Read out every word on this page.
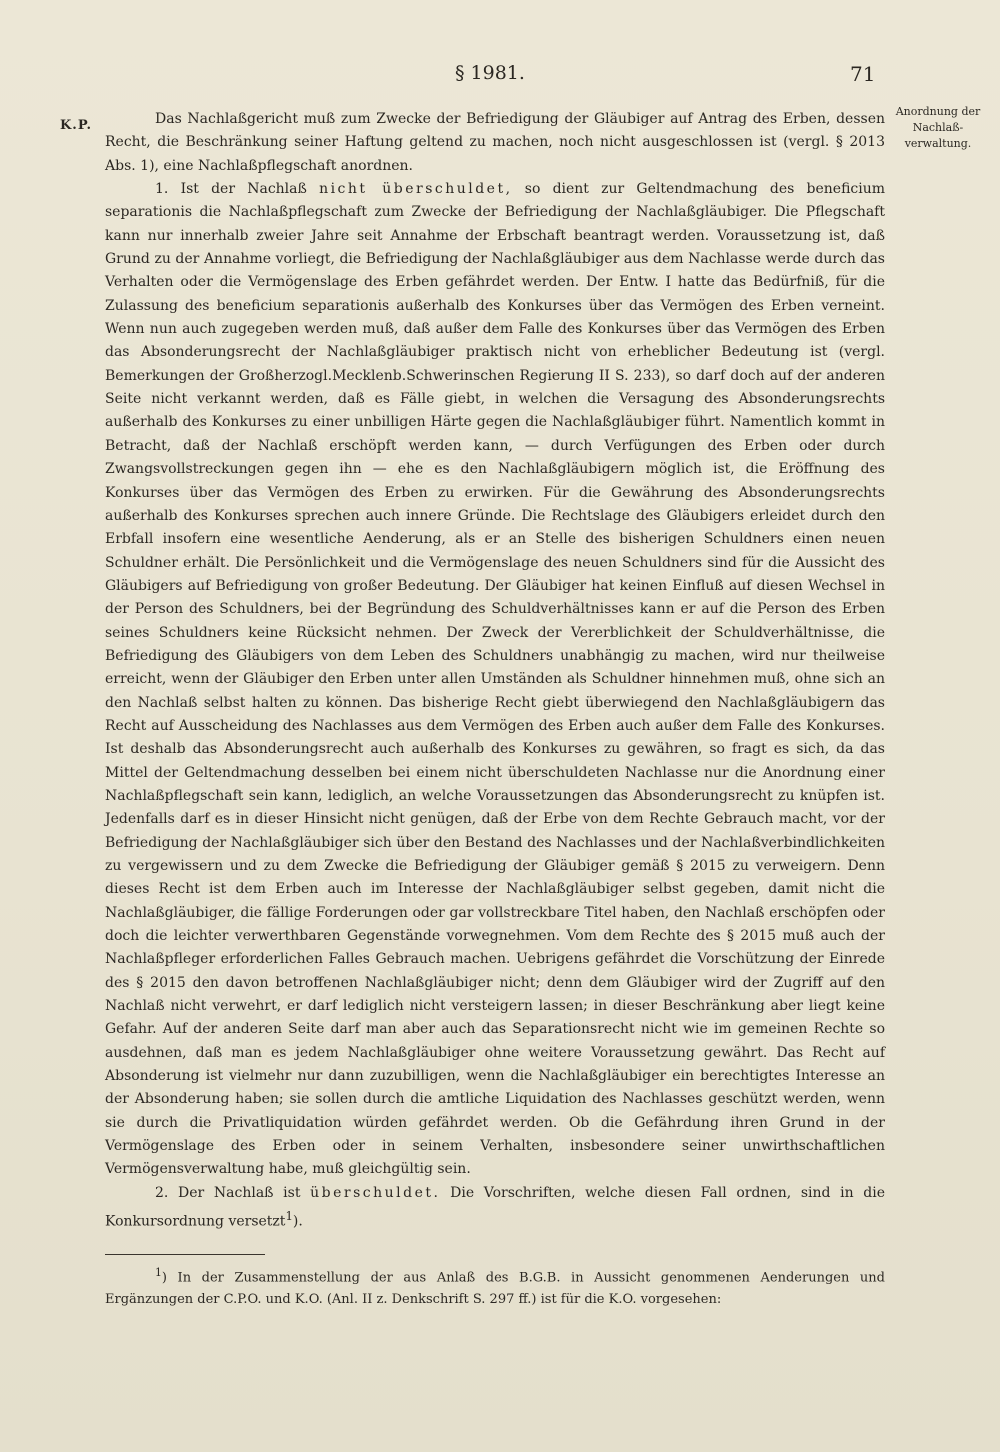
§ 1981.	71
K.P.
Anordnung der Nachlaß- verwaltung.

Das Nachlaßgericht muß zum Zwecke der Befriedigung der Gläubiger auf Antrag des Erben, dessen Recht, die Beschränkung seiner Haftung geltend zu machen, noch nicht ausgeschlossen ist (vergl. § 2013 Abs. 1), eine Nachlaßpflegschaft anordnen.

1. Ist der Nachlaß nicht überschuldet, so dient zur Geltendmachung des beneficium separationis die Nachlaßpflegschaft zum Zwecke der Befriedigung der Nachlaßgläubiger. Die Pflegschaft kann nur innerhalb zweier Jahre seit Annahme der Erbschaft beantragt werden. Voraussetzung ist, daß Grund zu der Annahme vorliegt, die Befriedigung der Nachlaßgläubiger aus dem Nachlasse werde durch das Verhalten oder die Vermögenslage des Erben gefährdet werden. Der Entw. I hatte das Bedürfniß, für die Zulassung des beneficium separationis außerhalb des Konkurses über das Vermögen des Erben verneint. Wenn nun auch zugegeben werden muß, daß außer dem Falle des Konkurses über das Vermögen des Erben das Absonderungsrecht der Nachlaßgläubiger praktisch nicht von erheblicher Bedeutung ist (vergl. Bemerkungen der Großherzogl.Mecklenb.Schwerinschen Regierung II S. 233), so darf doch auf der anderen Seite nicht verkannt werden, daß es Fälle giebt, in welchen die Versagung des Absonderungsrechts außerhalb des Konkurses zu einer unbilligen Härte gegen die Nachlaßgläubiger führt. Namentlich kommt in Betracht, daß der Nachlaß erschöpft werden kann, — durch Verfügungen des Erben oder durch Zwangsvollstreckungen gegen ihn — ehe es den Nachlaßgläubigern möglich ist, die Eröffnung des Konkurses über das Vermögen des Erben zu erwirken. Für die Gewährung des Absonderungsrechts außerhalb des Konkurses sprechen auch innere Gründe. Die Rechtslage des Gläubigers erleidet durch den Erbfall insofern eine wesentliche Aenderung, als er an Stelle des bisherigen Schuldners einen neuen Schuldner erhält. Die Persönlichkeit und die Vermögenslage des neuen Schuldners sind für die Aussicht des Gläubigers auf Befriedigung von großer Bedeutung. Der Gläubiger hat keinen Einfluß auf diesen Wechsel in der Person des Schuldners, bei der Begründung des Schuldverhältnisses kann er auf die Person des Erben seines Schuldners keine Rücksicht nehmen. Der Zweck der Vererblichkeit der Schuldverhältnisse, die Befriedigung des Gläubigers von dem Leben des Schuldners unabhängig zu machen, wird nur theilweise erreicht, wenn der Gläubiger den Erben unter allen Umständen als Schuldner hinnehmen muß, ohne sich an den Nachlaß selbst halten zu können. Das bisherige Recht giebt überwiegend den Nachlaßgläubigern das Recht auf Ausscheidung des Nachlasses aus dem Vermögen des Erben auch außer dem Falle des Konkurses. Ist deshalb das Absonderungsrecht auch außerhalb des Konkurses zu gewähren, so fragt es sich, da das Mittel der Geltendmachung desselben bei einem nicht überschuldeten Nachlasse nur die Anordnung einer Nachlaßpflegschaft sein kann, lediglich, an welche Voraussetzungen das Absonderungsrecht zu knüpfen ist. Jedenfalls darf es in dieser Hinsicht nicht genügen, daß der Erbe von dem Rechte Gebrauch macht, vor der Befriedigung der Nachlaßgläubiger sich über den Bestand des Nachlasses und der Nachlaßverbindlichkeiten zu vergewissern und zu dem Zwecke die Befriedigung der Gläubiger gemäß § 2015 zu verweigern. Denn dieses Recht ist dem Erben auch im Interesse der Nachlaßgläubiger selbst gegeben, damit nicht die Nachlaßgläubiger, die fällige Forderungen oder gar vollstreckbare Titel haben, den Nachlaß erschöpfen oder doch die leichter verwerthbaren Gegenstände vorwegnehmen. Vom dem Rechte des § 2015 muß auch der Nachlaßpfleger erforderlichen Falles Gebrauch machen. Uebrigens gefährdet die Vorschützung der Einrede des § 2015 den davon betroffenen Nachlaßgläubiger nicht; denn dem Gläubiger wird der Zugriff auf den Nachlaß nicht verwehrt, er darf lediglich nicht versteigern lassen; in dieser Beschränkung aber liegt keine Gefahr. Auf der anderen Seite darf man aber auch das Separationsrecht nicht wie im gemeinen Rechte so ausdehnen, daß man es jedem Nachlaßgläubiger ohne weitere Voraussetzung gewährt. Das Recht auf Absonderung ist vielmehr nur dann zuzubilligen, wenn die Nachlaßgläubiger ein berechtigtes Interesse an der Absonderung haben; sie sollen durch die amtliche Liquidation des Nachlasses geschützt werden, wenn sie durch die Privatliquidation würden gefährdet werden. Ob die Gefährdung ihren Grund in der Vermögenslage des Erben oder in seinem Verhalten, insbesondere seiner unwirthschaftlichen Vermögensverwaltung habe, muß gleichgültig sein.

2. Der Nachlaß ist überschuldet. Die Vorschriften, welche diesen Fall ordnen, sind in die Konkursordnung versetzt$^1$).

$^1$) In der Zusammenstellung der aus Anlaß des B.G.B. in Aussicht genommenen Aenderungen und Ergänzungen der C.P.O. und K.O. (Anl. II z. Denkschrift S. 297 ff.) ist für die K.O. vorgesehen:
